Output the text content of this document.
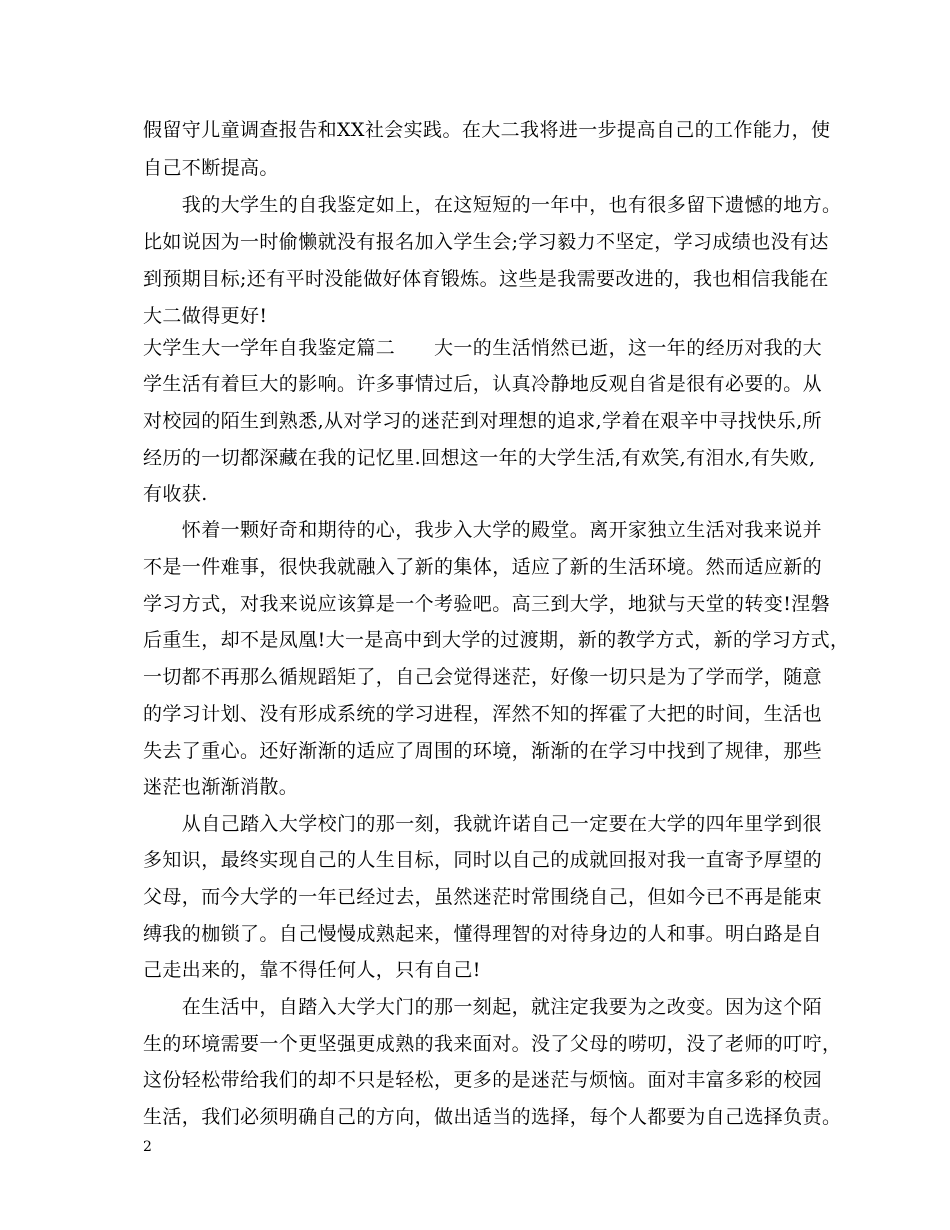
假留守儿童调查报告和XX社会实践。在大二我将进一步提高自己的工作能力，使
自己不断提高。
　　我的大学生的自我鉴定如上，在这短短的一年中，也有很多留下遗憾的地方。
比如说因为一时偷懒就没有报名加入学生会;学习毅力不坚定，学习成绩也没有达
到预期目标;还有平时没能做好体育锻炼。这些是我需要改进的，我也相信我能在
大二做得更好!
大学生大一学年自我鉴定篇二　　大一的生活悄然已逝，这一年的经历对我的大
学生活有着巨大的影响。许多事情过后，认真冷静地反观自省是很有必要的。从
对校园的陌生到熟悉,从对学习的迷茫到对理想的追求,学着在艰辛中寻找快乐,所
经历的一切都深藏在我的记忆里.回想这一年的大学生活,有欢笑,有泪水,有失败,
有收获.
　　怀着一颗好奇和期待的心，我步入大学的殿堂。离开家独立生活对我来说并
不是一件难事，很快我就融入了新的集体，适应了新的生活环境。然而适应新的
学习方式，对我来说应该算是一个考验吧。高三到大学，地狱与天堂的转变!涅磐
后重生，却不是凤凰!大一是高中到大学的过渡期，新的教学方式，新的学习方式，
一切都不再那么循规蹈矩了，自己会觉得迷茫，好像一切只是为了学而学，随意
的学习计划、没有形成系统的学习进程，浑然不知的挥霍了大把的时间，生活也
失去了重心。还好渐渐的适应了周围的环境，渐渐的在学习中找到了规律，那些
迷茫也渐渐消散。
　　从自己踏入大学校门的那一刻，我就许诺自己一定要在大学的四年里学到很
多知识，最终实现自己的人生目标，同时以自己的成就回报对我一直寄予厚望的
父母，而今大学的一年已经过去，虽然迷茫时常围绕自己，但如今已不再是能束
缚我的枷锁了。自己慢慢成熟起来，懂得理智的对待身边的人和事。明白路是自
己走出来的，靠不得任何人，只有自己!
　　在生活中，自踏入大学大门的那一刻起，就注定我要为之改变。因为这个陌
生的环境需要一个更坚强更成熟的我来面对。没了父母的唠叨，没了老师的叮咛，
这份轻松带给我们的却不只是轻松，更多的是迷茫与烦恼。面对丰富多彩的校园
生活，我们必须明确自己的方向，做出适当的选择，每个人都要为自己选择负责。
2
